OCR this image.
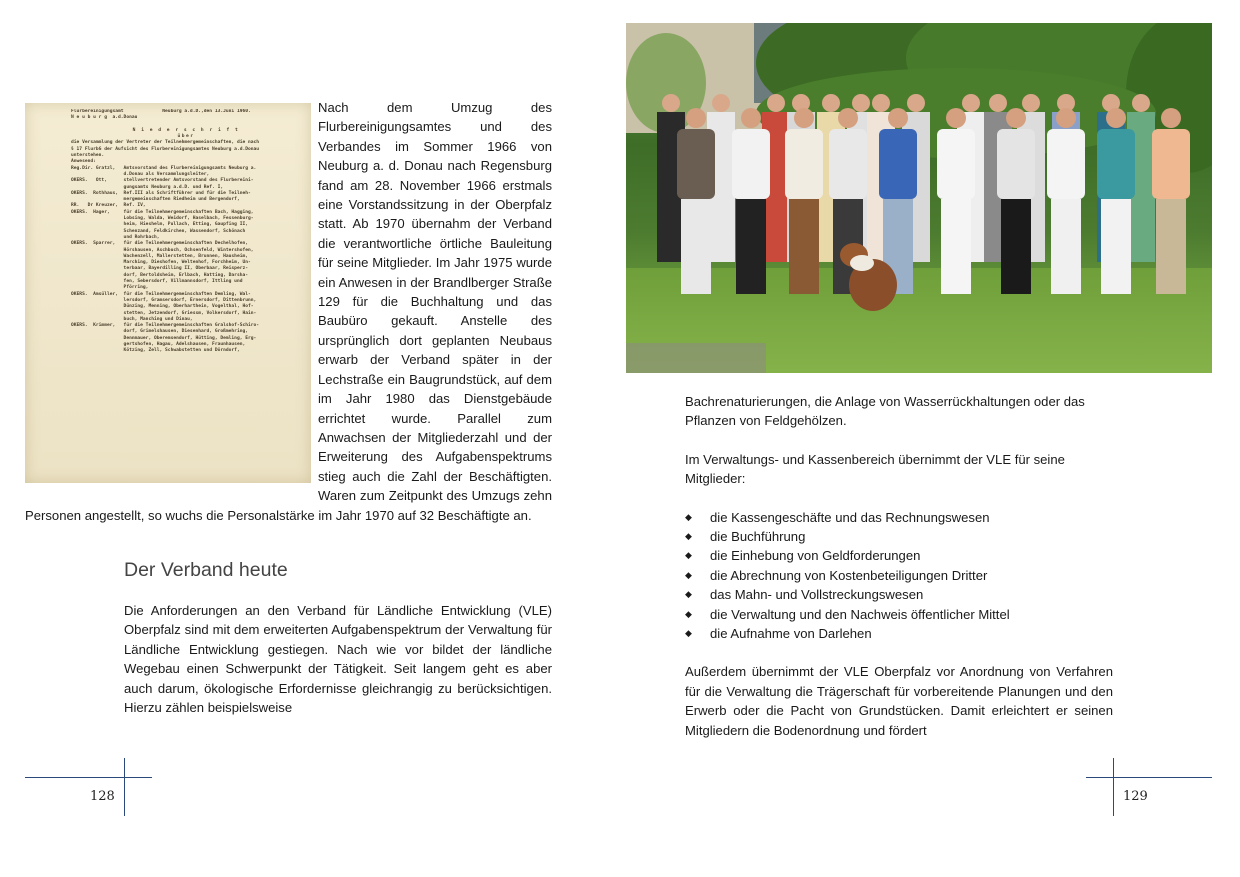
Flurbereinigungsamt              Neuburg a.d.D.,den 13.Juni 1960.
N e u b u r g  a.d.Donau

N i e d e r s c h r i f t
über
die Versammlung der Vertreter der Teilnehmergemeinschaften, die nach
§ 17 FlurbG der Aufsicht des Flurbereinigungsamtes Neuburg a.d.Donau
unterstehen.
Anwesend:
Reg.Dir. Gratzl,   Amtsvorstand des Flurbereinigungsamts Neuburg a.
d.Donau als Versammlungsleiter,
OKERS.   Ott,      stellvertretender Amtsvorstand des Flurbereini-
gungsamts Neuburg a.d.D. und Ref. I,
OKERS.  Rothhaus,  Ref.III als Schriftführer und für die Teilneh-
mergemeinschaften Riedheim und Bergendorf,
RR.   Dr Kreuzer,  Ref. IV,
OKERS.  Hager,     für die Teilnehmergemeinschaften Bach, Hagging,
Lobsing, Walda, Weidorf, Haselbach, Fessenburg-
heim, Hieshelm, Pullach, Etting, Gaupfing II,
Schenzand, Feldkirchen, Wassendorf, Schönach
und Rohrbach,
OKERS.  Sparrer,   für die Teilnehmergemeinschaften Dechelhofen,
Hörshausen, Aschbuch, Ochsenfeld, Wintershofen,
Wachenzell, Mallerstetten, Brunnen, Hausheim,
Marching, Dieshofen, Weltenhof, Forchheim, Un-
terbaar, Bayerdilling II, Oberbaar, Reisperz-
dorf, Bertoldsheim, Erlbach, Hatting, Darsha-
fen, Sebersdorf, Villmannsdorf, Ittling und
Pförring,
OKERS.  Amsüller,  für die Teilnehmergemeinschaften Demling, Wal-
lersdorf, Gramsersdorf, Ernersdorf, Dittenbrunn,
Dünzing, Menning, Oberharthein, Vogelthal, Hof-
stetten, Jetzendorf, Griessm, Volkersdorf, Hain-
buch, Manching und Dinau,
OKERS.  Krimmer,   für die Teilnehmergemeinschaften Gralshof-Schiro-
dorf, Grimelshausen, Diesenhard, Großmehring,
Dennmauer, Oberemsendorf, Hütting, Demling, Erg-
gertshofen, Hagau, Adelshausen, Fraunhausen,
Kötzing, Zell, Schwabstetten und Dörndorf,

Nach dem Umzug des Flurbereinigungsamtes und des Verbandes im Sommer 1966 von Neuburg a. d. Donau nach Regensburg fand am 28. November 1966 erstmals eine Vorstandssitzung in der Oberpfalz statt. Ab 1970 übernahm der Verband die verantwortliche örtliche Bauleitung für seine Mitglieder. Im Jahr 1975 wurde ein Anwesen in der Brandlberger Straße 129 für die Buchhaltung und das Baubüro gekauft. Anstelle des ursprünglich dort geplanten Neubaus erwarb der Verband später in der Lechstraße ein Baugrundstück, auf dem im Jahr 1980 das Dienstgebäude errichtet wurde. Parallel zum Anwachsen der Mitgliederzahl und der Erweiterung des Aufgabenspektrums stieg auch die Zahl der Beschäftigten. Waren zum Zeitpunkt des Umzugs zehn Personen angestellt, so wuchs die Personalstärke im Jahr 1970 auf 32 Beschäftigte an.

Der Verband heute

Die Anforderungen an den Verband für Ländliche Entwicklung (VLE) Oberpfalz sind mit dem erweiterten Aufgabenspektrum der Verwaltung für Ländliche Entwicklung gestiegen. Nach wie vor bildet der ländliche Wegebau einen Schwerpunkt der Tätigkeit. Seit langem geht es aber auch darum, ökologische Erfordernisse gleichrangig zu berücksichtigen. Hierzu zählen beispielsweise

128

Bachrenaturierungen, die Anlage von Wasserrückhaltungen oder das Pflanzen von Feldgehölzen.

Im Verwaltungs- und Kassenbereich übernimmt der VLE für seine Mitglieder:

◆ die Kassengeschäfte und das Rechnungswesen
◆ die Buchführung
◆ die Einhebung von Geldforderungen
◆ die Abrechnung von Kostenbeteiligungen Dritter
◆ das Mahn- und Vollstreckungswesen
◆ die Verwaltung und den Nachweis öffentlicher Mittel
◆ die Aufnahme von Darlehen

Außerdem übernimmt der VLE Oberpfalz vor Anordnung von Verfahren für die Verwaltung die Trägerschaft für vorbereitende Planungen und den Erwerb oder die Pacht von Grundstücken. Damit erleichtert er seinen Mitgliedern die Bodenordnung und fördert

129
